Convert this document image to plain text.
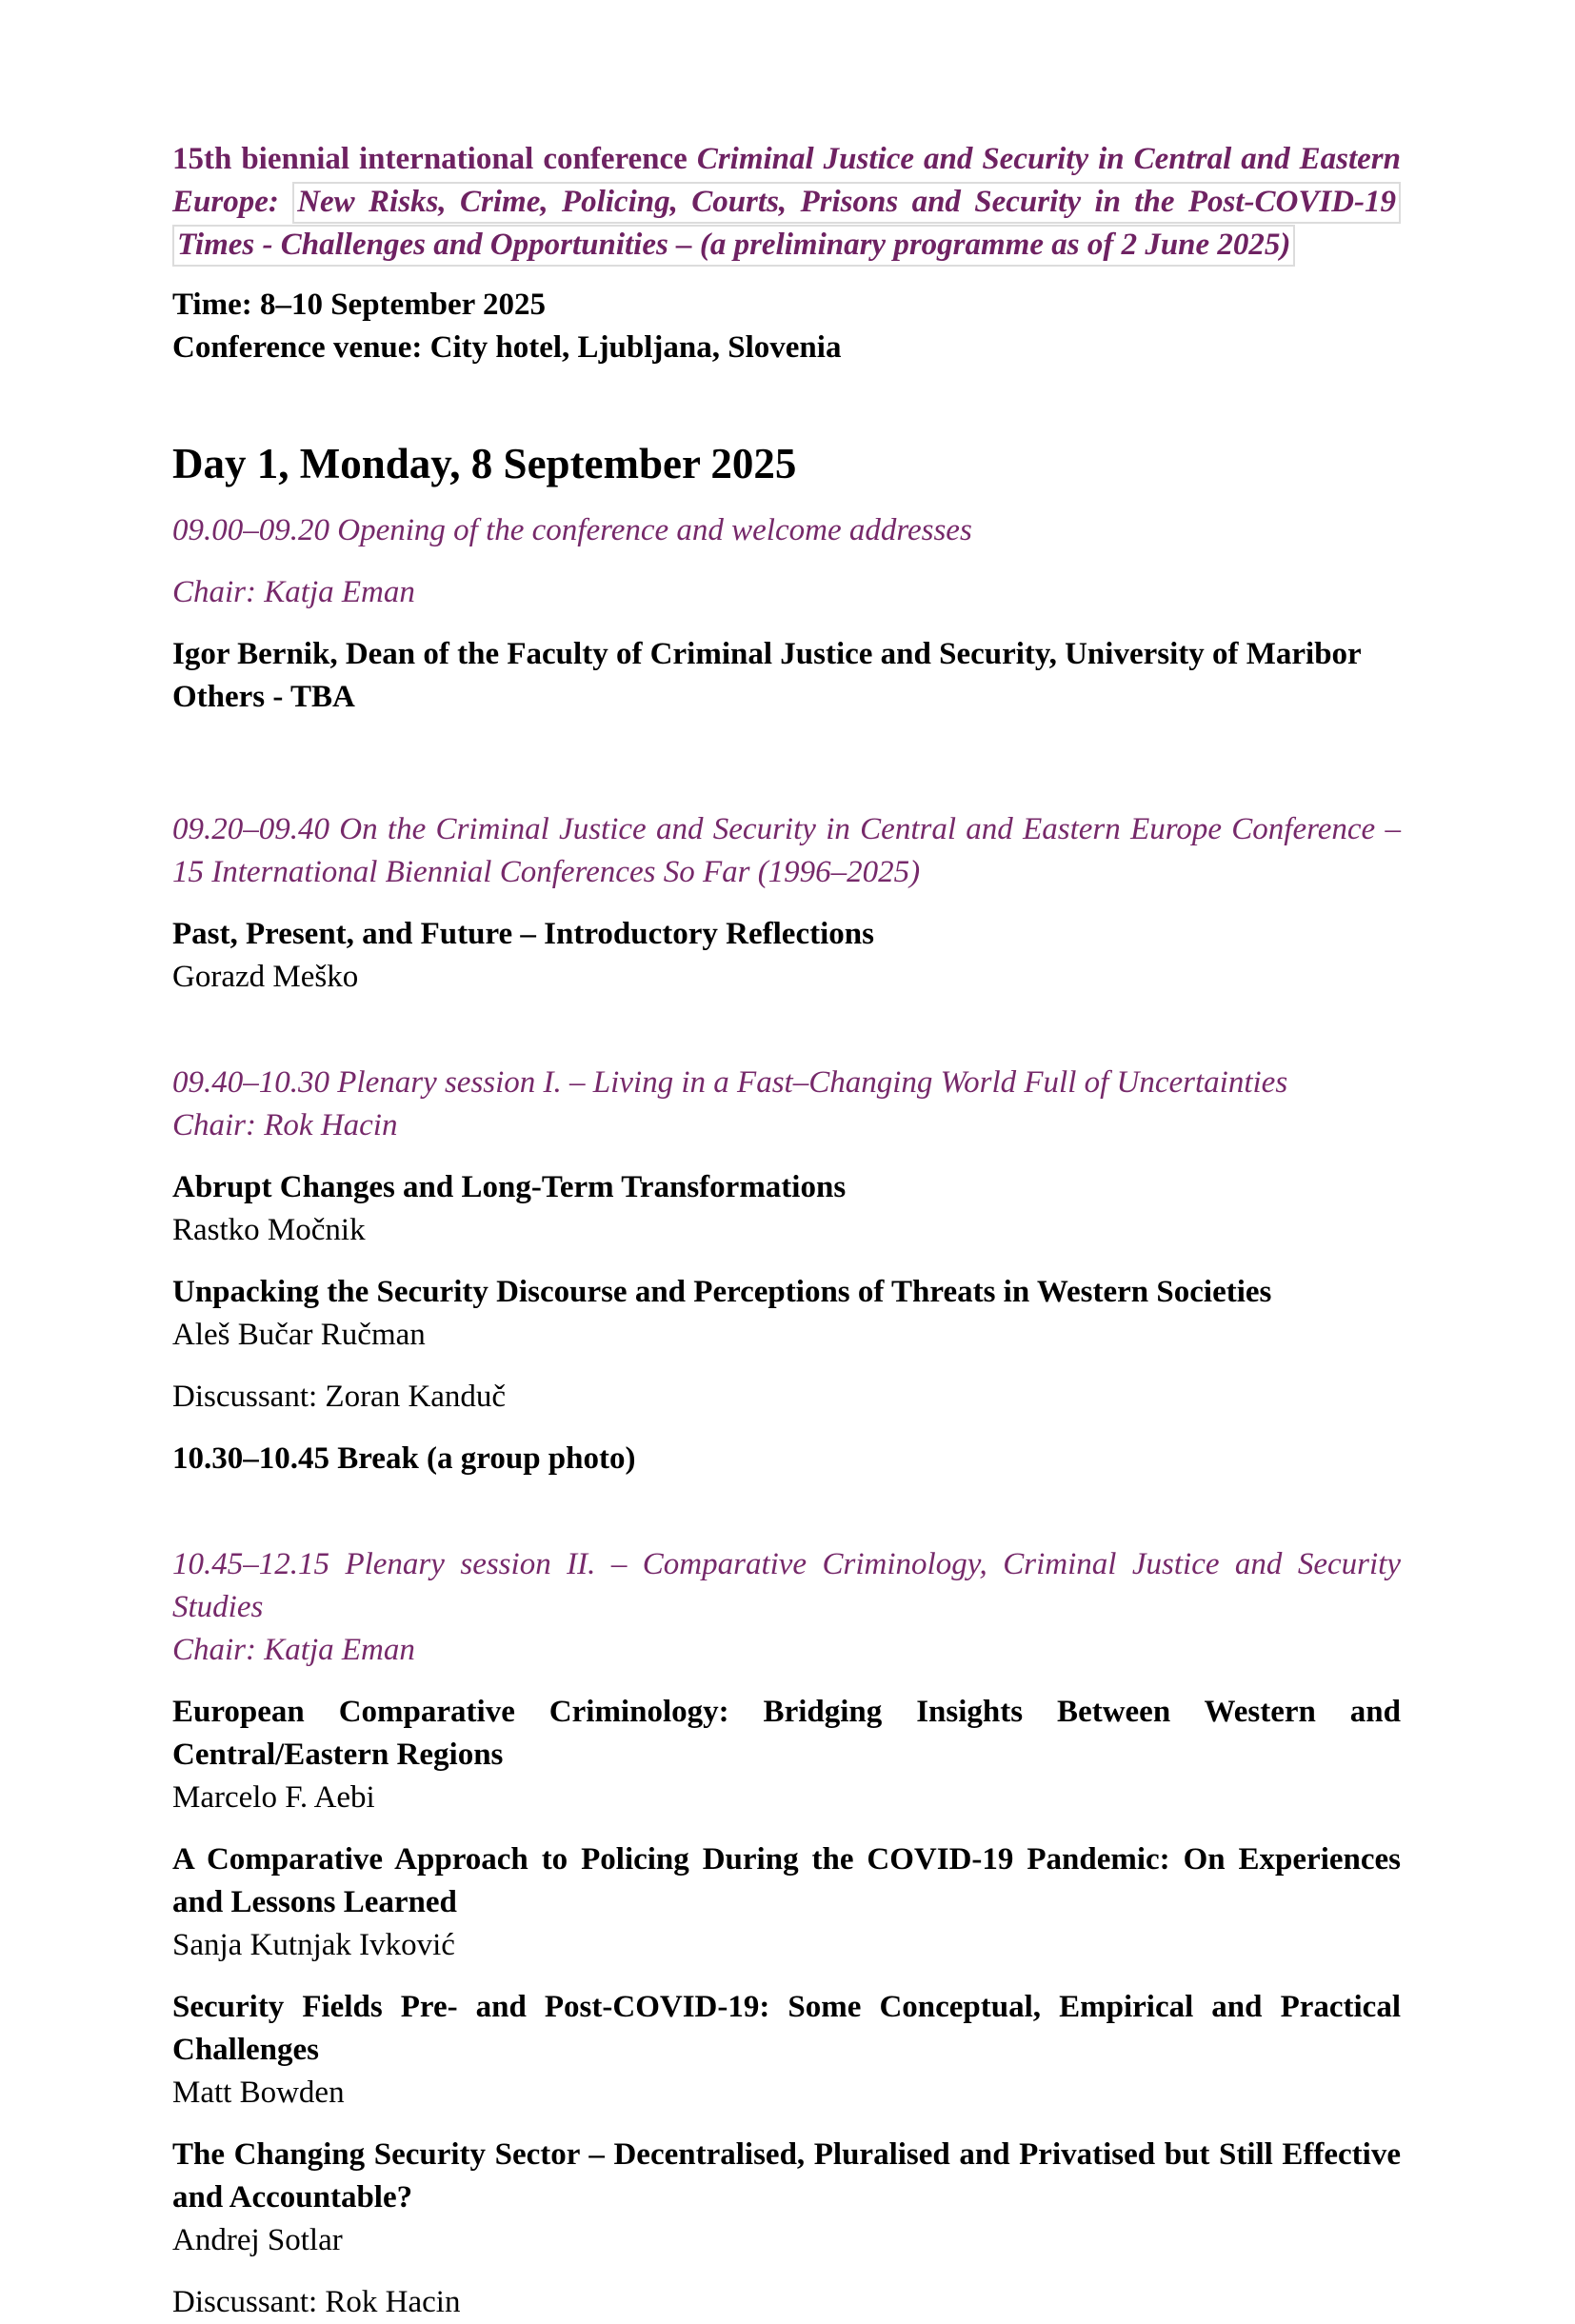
15th biennial international conference Criminal Justice and Security in Central and Eastern Europe: New Risks, Crime, Policing, Courts, Prisons and Security in the Post-COVID-19 Times - Challenges and Opportunities – (a preliminary programme as of 2 June 2025)

Time: 8–10 September 2025
Conference venue: City hotel, Ljubljana, Slovenia
Day 1, Monday, 8 September 2025

09.00–09.20 Opening of the conference and welcome addresses

Chair: Katja Eman

Igor Bernik, Dean of the Faculty of Criminal Justice and Security, University of Maribor
Others - TBA

09.20–09.40 On the Criminal Justice and Security in Central and Eastern Europe Conference – 15 International Biennial Conferences So Far (1996–2025)

Past, Present, and Future – Introductory Reflections
Gorazd Meško

09.40–10.30 Plenary session I. – Living in a Fast–Changing World Full of Uncertainties

Chair: Rok Hacin

Abrupt Changes and Long-Term Transformations
Rastko Močnik
Unpacking the Security Discourse and Perceptions of Threats in Western Societies
Aleš Bučar Ručman

Discussant: Zoran Kanduč

10.30–10.45 Break (a group photo)

10.45–12.15 Plenary session II. – Comparative Criminology, Criminal Justice and Security Studies

Chair: Katja Eman

European Comparative Criminology: Bridging Insights Between Western and Central/Eastern Regions
Marcelo F. Aebi
A Comparative Approach to Policing During the COVID-19 Pandemic: On Experiences and Lessons Learned
Sanja Kutnjak Ivković
Security Fields Pre- and Post-COVID-19: Some Conceptual, Empirical and Practical Challenges
Matt Bowden
The Changing Security Sector – Decentralised, Pluralised and Privatised but Still Effective and Accountable?
Andrej Sotlar

Discussant: Rok Hacin
